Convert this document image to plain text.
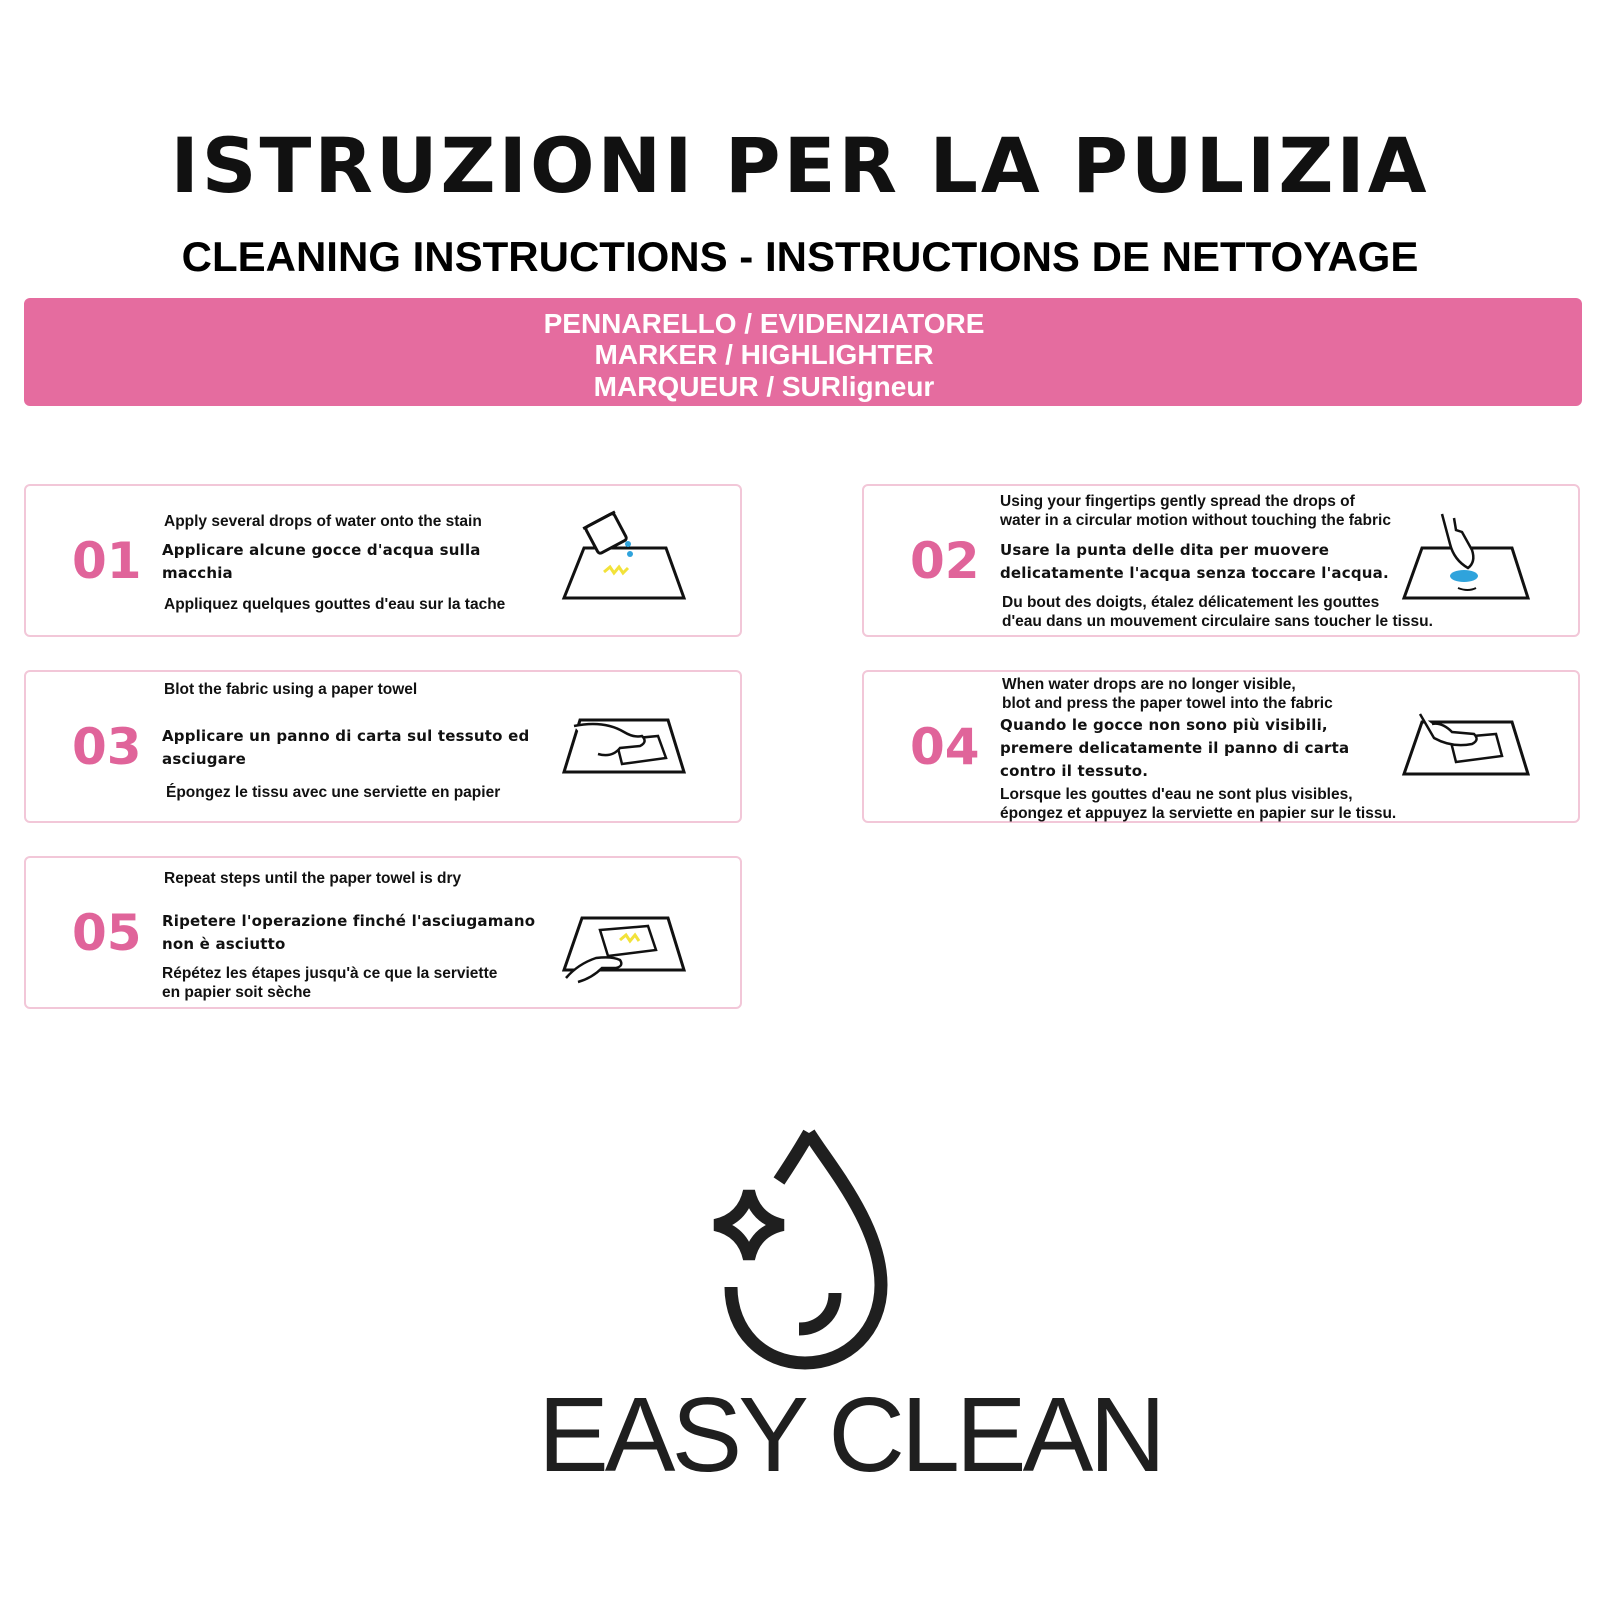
ISTRUZIONI PER LA PULIZIA
CLEANING INSTRUCTIONS - INSTRUCTIONS DE NETTOYAGE
PENNARELLO / EVIDENZIATORE
MARKER / HIGHLIGHTER
MARQUEUR / SURligneur
01
Apply several drops of water onto the stain
Applicare alcune gocce d'acqua sulla
macchia
Appliquez quelques gouttes d'eau sur la tache
02
Using your fingertips gently spread the drops of
water in a circular motion without touching the fabric
Usare la punta delle dita per muovere
delicatamente l'acqua senza toccare l'acqua.
Du bout des doigts, étalez délicatement les gouttes
d'eau dans un mouvement circulaire sans toucher le tissu.
03
Blot the fabric using a paper towel
Applicare un panno di carta sul tessuto ed
asciugare
Épongez le tissu avec une serviette en papier
04
When water drops are no longer visible,
blot and press the paper towel into the fabric
Quando le gocce non sono più visibili,
premere delicatamente il panno di carta
contro il tessuto.
Lorsque les gouttes d'eau ne sont plus visibles,
épongez et appuyez la serviette en papier sur le tissu.
05
Repeat steps until the paper towel is dry
Ripetere l'operazione finché l'asciugamano
non è asciutto
Répétez les étapes jusqu'à ce que la serviette
en papier soit sèche
EASY CLEAN
